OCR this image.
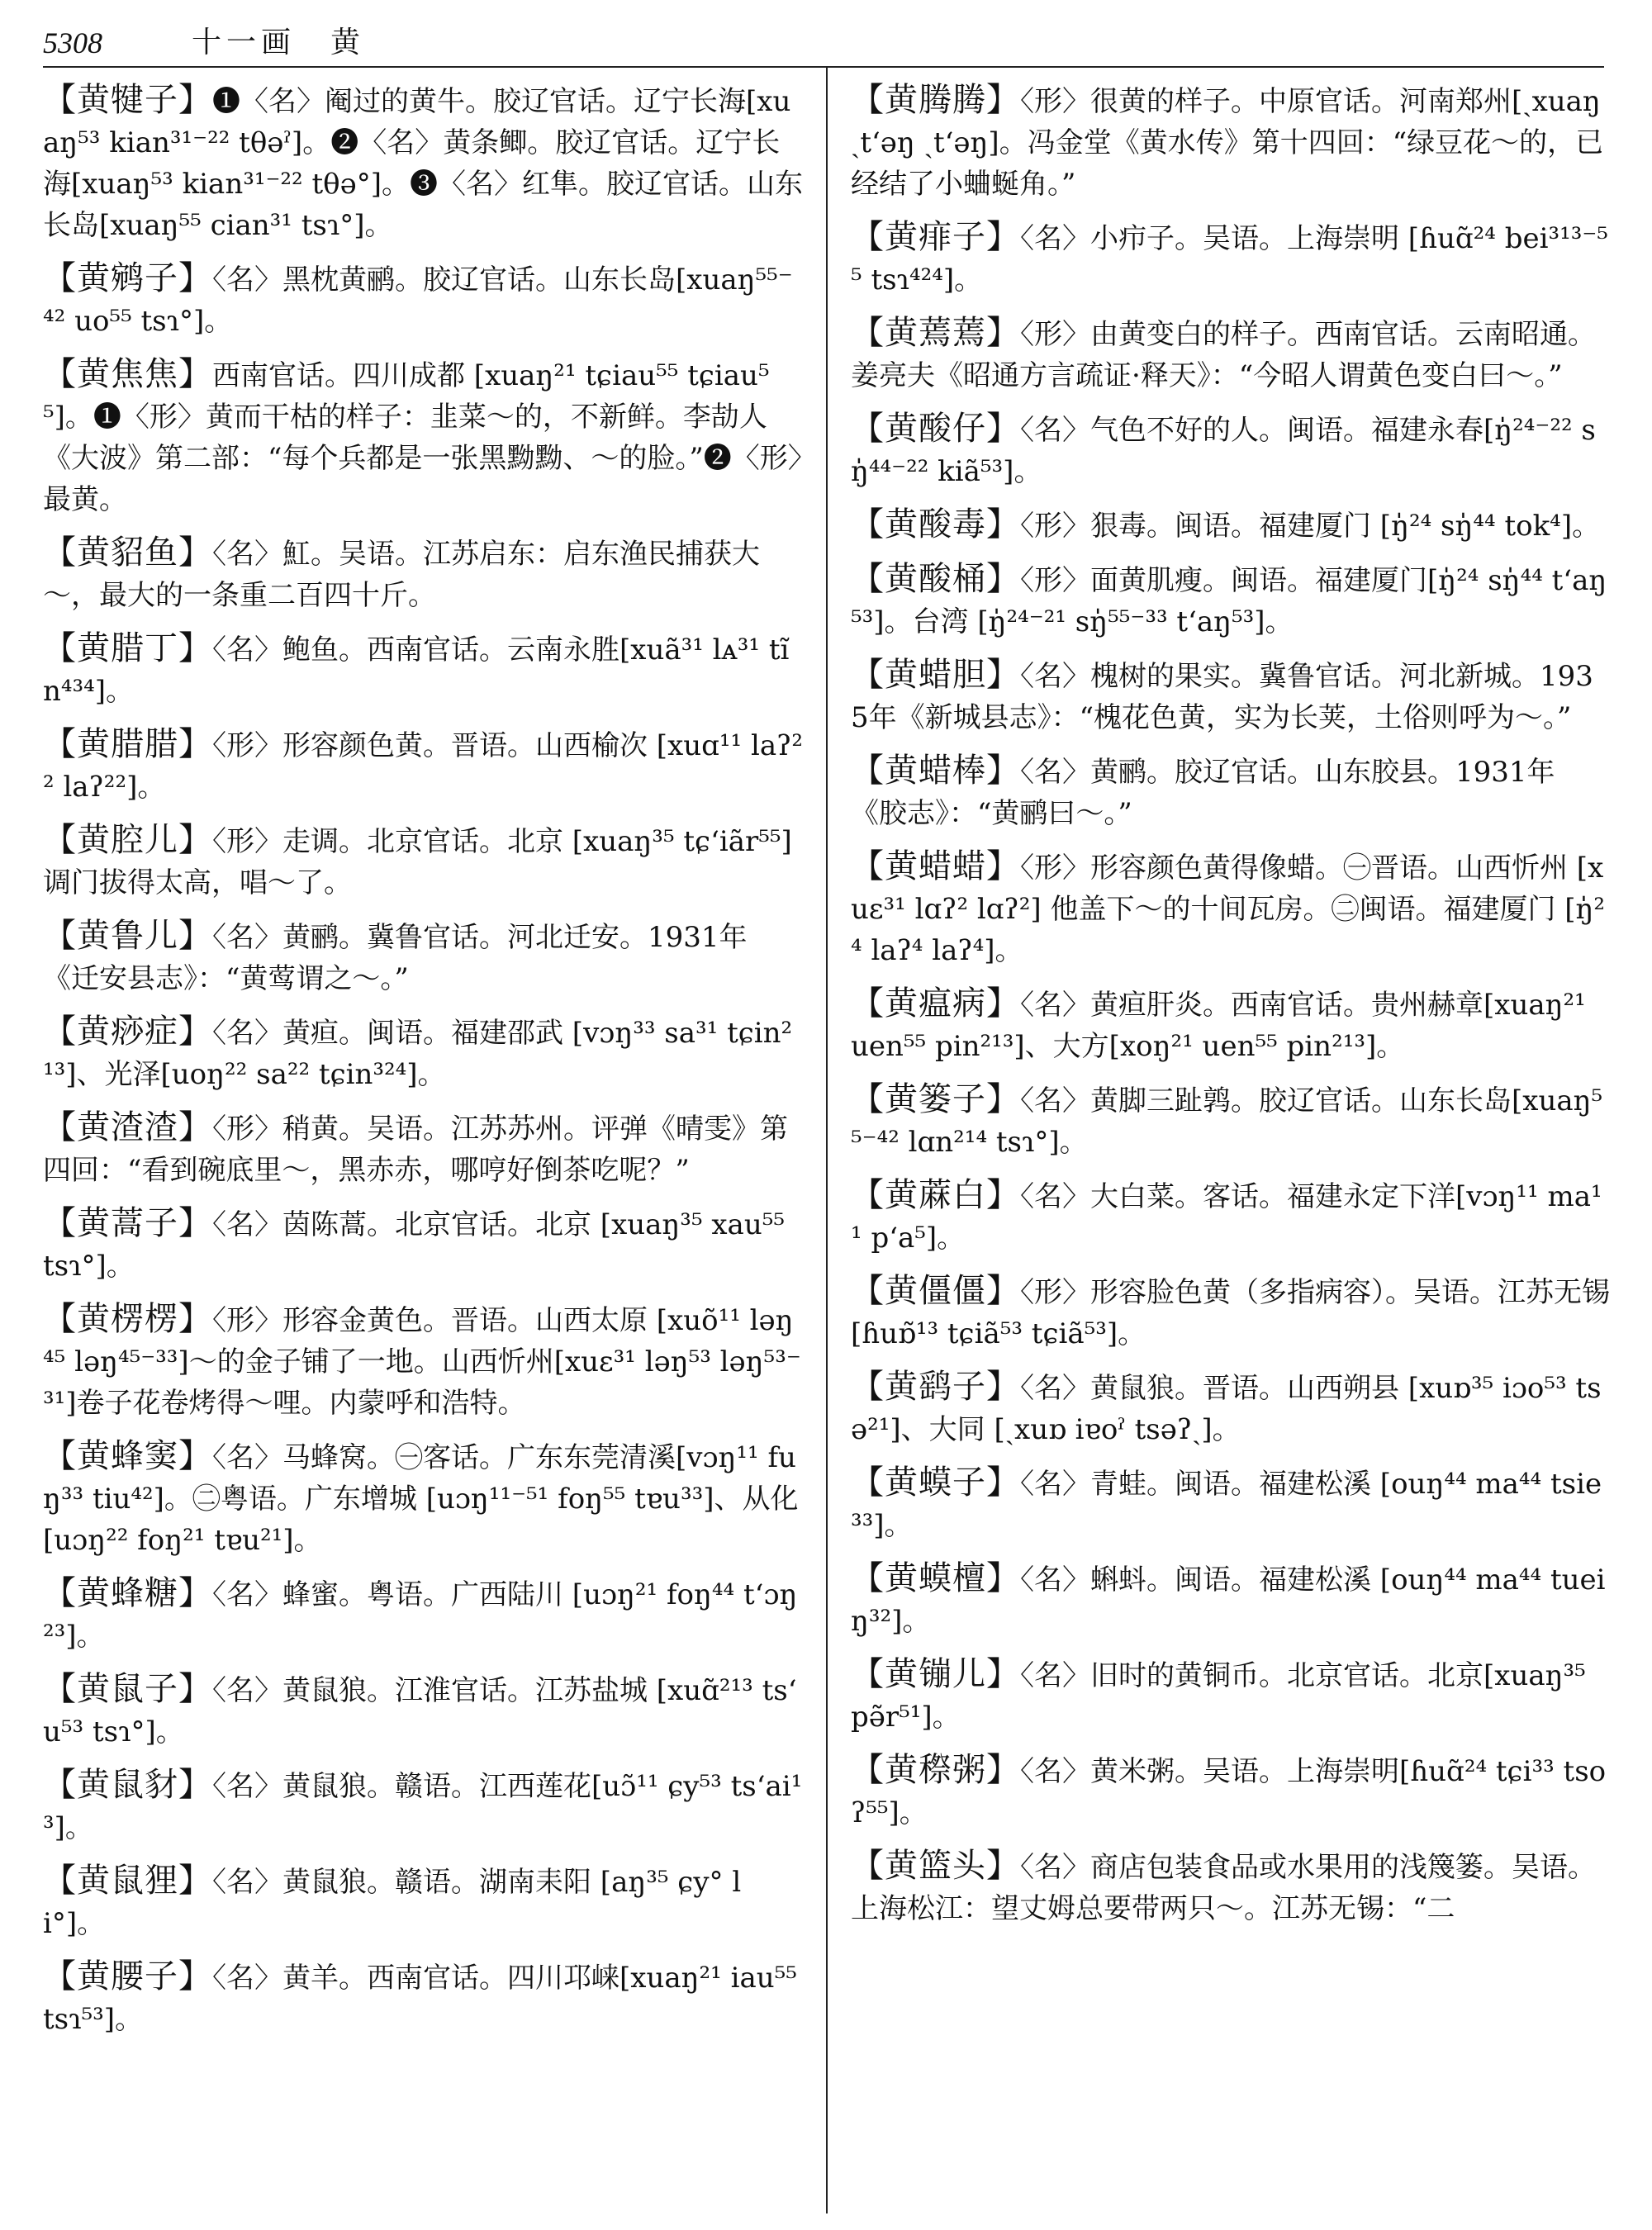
5308	十一画　黄

【黄犍子】❶〈名〉阉过的黄牛。胶辽官话。辽宁长海[xuaŋ⁵³ kian³¹⁻²² tθəˀ]。❷〈名〉黄条鲫。胶辽官话。辽宁长海[xuaŋ⁵³ kian³¹⁻²² tθə°]。❸〈名〉红隼。胶辽官话。山东长岛[xuaŋ⁵⁵ cian³¹ tsɿ°]。

【黄鹓子】〈名〉黑枕黄鹂。胶辽官话。山东长岛[xuaŋ⁵⁵⁻⁴² uo⁵⁵ tsɿ°]。

【黄焦焦】西南官话。四川成都 [xuaŋ²¹ tɕiau⁵⁵ tɕiau⁵⁵]。❶〈形〉黄而干枯的样子：韭菜～的，不新鲜。李劼人《大波》第二部：“每个兵都是一张黑黝黝、～的脸。”❷〈形〉最黄。

【黄貂鱼】〈名〉魟。吴语。江苏启东：启东渔民捕获大～，最大的一条重二百四十斤。

【黄腊丁】〈名〉鲍鱼。西南官话。云南永胜[xuã³¹ lᴀ³¹ tĩn⁴³⁴]。

【黄腊腊】〈形〉形容颜色黄。晋语。山西榆次 [xuɑ¹¹ laʔ²² laʔ²²]。

【黄腔儿】〈形〉走调。北京官话。北京 [xuaŋ³⁵ tɕʻiãr⁵⁵]调门拔得太高，唱～了。

【黄鲁儿】〈名〉黄鹂。冀鲁官话。河北迁安。1931年《迁安县志》：“黄莺谓之～。”

【黄痧症】〈名〉黄疸。闽语。福建邵武 [vɔŋ³³ sa³¹ tɕin²¹³]、光泽[uoŋ²² sa²² tɕin³²⁴]。

【黄渣渣】〈形〉稍黄。吴语。江苏苏州。评弹《晴雯》第四回：“看到碗底里～，黑赤赤，哪哼好倒茶吃呢？”

【黄蒿子】〈名〉茵陈蒿。北京官话。北京 [xuaŋ³⁵ xau⁵⁵ tsɿ°]。

【黄楞楞】〈形〉形容金黄色。晋语。山西太原 [xuõ¹¹ ləŋ⁴⁵ ləŋ⁴⁵⁻³³]～的金子铺了一地。山西忻州[xuɛ³¹ ləŋ⁵³ ləŋ⁵³⁻³¹]卷子花卷烤得～哩。内蒙呼和浩特。

【黄蜂窦】〈名〉马蜂窝。㊀客话。广东东莞清溪[vɔŋ¹¹ fuŋ³³ tiu⁴²]。㊁粤语。广东增城 [uɔŋ¹¹⁻⁵¹ foŋ⁵⁵ tɐu³³]、从化[uɔŋ²² foŋ²¹ tɐu²¹]。

【黄蜂糖】〈名〉蜂蜜。粤语。广西陆川 [uɔŋ²¹ foŋ⁴⁴ tʻɔŋ²³]。

【黄鼠子】〈名〉黄鼠狼。江淮官话。江苏盐城 [xuɑ̃²¹³ tsʻu⁵³ tsɿ°]。

【黄鼠豺】〈名〉黄鼠狼。赣语。江西莲花[uɔ̃¹¹ ɕy⁵³ tsʻai¹³]。

【黄鼠狸】〈名〉黄鼠狼。赣语。湖南耒阳 [aŋ³⁵ ɕy° li°]。

【黄腰子】〈名〉黄羊。西南官话。四川邛崃[xuaŋ²¹ iau⁵⁵ tsɿ⁵³]。

【黄腾腾】〈形〉很黄的样子。中原官话。河南郑州[ˏxuaŋ ˏtʻəŋ ˏtʻəŋ]。冯金堂《黄水传》第十四回：“绿豆花～的，已经结了小蛐蜒角。”

【黄痱子】〈名〉小疖子。吴语。上海崇明 [ɦuɑ̃²⁴ bei³¹³⁻⁵⁵ tsɿ⁴²⁴]。

【黄蔫蔫】〈形〉由黄变白的样子。西南官话。云南昭通。姜亮夫《昭通方言疏证·释天》：“今昭人谓黄色变白曰～。”

【黄酸仔】〈名〉气色不好的人。闽语。福建永春[ŋ̍²⁴⁻²² sŋ̍⁴⁴⁻²² kiã⁵³]。

【黄酸毒】〈形〉狠毒。闽语。福建厦门 [ŋ̍²⁴ sŋ̍⁴⁴ tok⁴]。

【黄酸桶】〈形〉面黄肌瘦。闽语。福建厦门[ŋ̍²⁴ sŋ̍⁴⁴ tʻaŋ⁵³]。台湾 [ŋ̍²⁴⁻²¹ sŋ̍⁵⁵⁻³³ tʻaŋ⁵³]。

【黄蜡胆】〈名〉槐树的果实。冀鲁官话。河北新城。1935年《新城县志》：“槐花色黄，实为长荚，土俗则呼为～。”

【黄蜡棒】〈名〉黄鹂。胶辽官话。山东胶县。1931年《胶志》：“黄鹂曰～。”

【黄蜡蜡】〈形〉形容颜色黄得像蜡。㊀晋语。山西忻州 [xuɛ³¹ lɑʔ² lɑʔ²] 他盖下～的十间瓦房。㊁闽语。福建厦门 [ŋ̍²⁴ laʔ⁴ laʔ⁴]。

【黄瘟病】〈名〉黄疸肝炎。西南官话。贵州赫章[xuaŋ²¹ uen⁵⁵ pin²¹³]、大方[xoŋ²¹ uen⁵⁵ pin²¹³]。

【黄篓子】〈名〉黄脚三趾鹑。胶辽官话。山东长岛[xuaŋ⁵⁵⁻⁴² lɑn²¹⁴ tsɿ°]。

【黄蔴白】〈名〉大白菜。客话。福建永定下洋[vɔŋ¹¹ ma¹¹ pʻa⁵]。

【黄僵僵】〈形〉形容脸色黄（多指病容）。吴语。江苏无锡 [ɦuɒ̃¹³ tɕiã⁵³ tɕiã⁵³]。

【黄鹞子】〈名〉黄鼠狼。晋语。山西朔县 [xuɒ³⁵ iɔo⁵³ tsə²¹]、大同 [ˏxuɒ iɐoˀ tsəʔˎ]。

【黄蟆子】〈名〉青蛙。闽语。福建松溪 [ouŋ⁴⁴ ma⁴⁴ tsie³³]。

【黄蟆檀】〈名〉蝌蚪。闽语。福建松溪 [ouŋ⁴⁴ ma⁴⁴ tueiŋ³²]。

【黄镚儿】〈名〉旧时的黄铜币。北京官话。北京[xuaŋ³⁵ pə̃r⁵¹]。

【黄穄粥】〈名〉黄米粥。吴语。上海崇明[ɦuɑ̃²⁴ tɕi³³ tsoʔ⁵⁵]。

【黄篮头】〈名〉商店包装食品或水果用的浅篾篓。吴语。上海松江：望丈姆总要带两只～。江苏无锡：“二
